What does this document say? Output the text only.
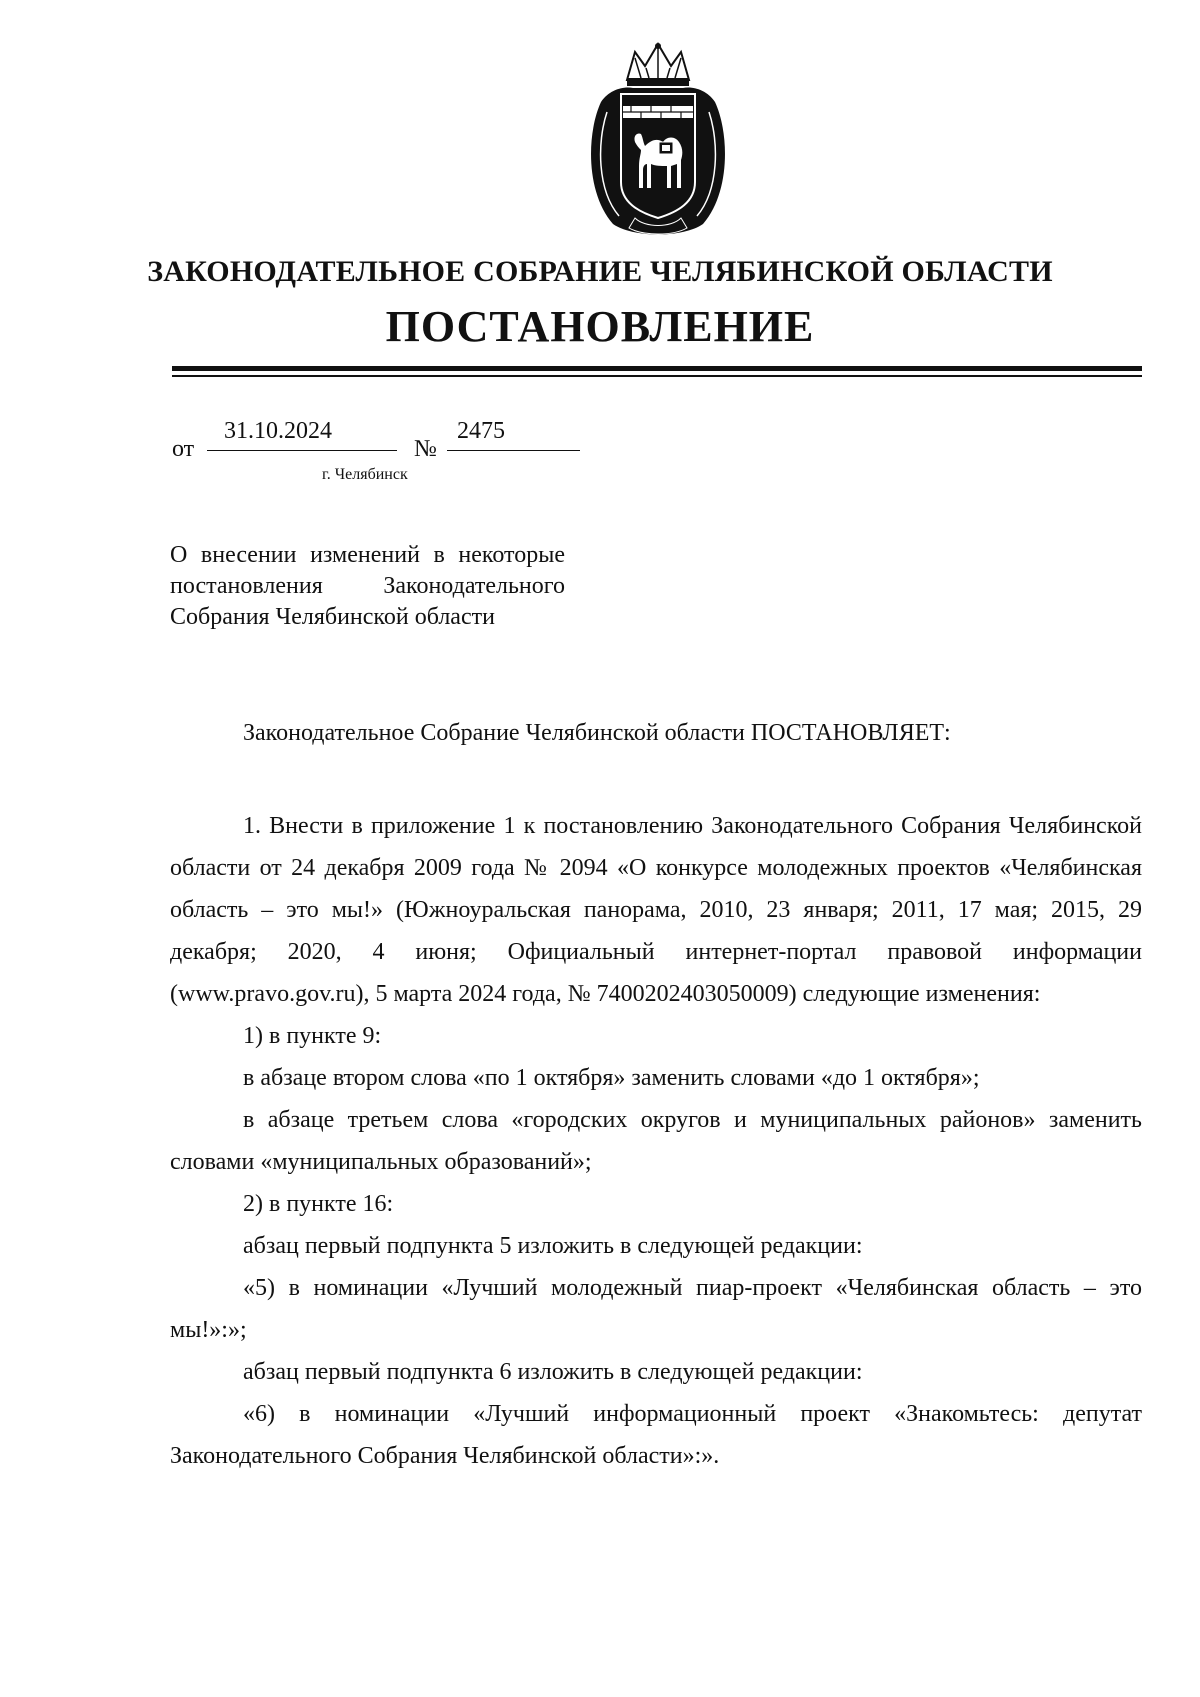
ЗАКОНОДАТЕЛЬНОЕ СОБРАНИЕ ЧЕЛЯБИНСКОЙ ОБЛАСТИ
ПОСТАНОВЛЕНИЕ
от
31.10.2024
№
2475
г. Челябинск

О внесении изменений в некоторые постановления Законодательного Собрания Челябинской области

Законодательное Собрание Челябинской области ПОСТАНОВЛЯЕТ:

1. Внести в приложение 1 к постановлению Законодательного Собрания Челябинской области от 24 декабря 2009 года № 2094 «О конкурсе молодежных проектов «Челябинская область – это мы!» (Южноуральская панорама, 2010, 23 января; 2011, 17 мая; 2015, 29 декабря; 2020, 4 июня; Официальный интернет-портал правовой информации (www.pravo.gov.ru), 5 марта 2024 года, № 7400202403050009) следующие изменения:

1) в пункте 9:

в абзаце втором слова «по 1 октября» заменить словами «до 1 октября»;

в абзаце третьем слова «городских округов и муниципальных районов» заменить словами «муниципальных образований»;

2) в пункте 16:

абзац первый подпункта 5 изложить в следующей редакции:

«5) в номинации «Лучший молодежный пиар-проект «Челябинская область – это мы!»:»;

абзац первый подпункта 6 изложить в следующей редакции:

«6) в номинации «Лучший информационный проект «Знакомьтесь: депутат Законодательного Собрания Челябинской области»:».
